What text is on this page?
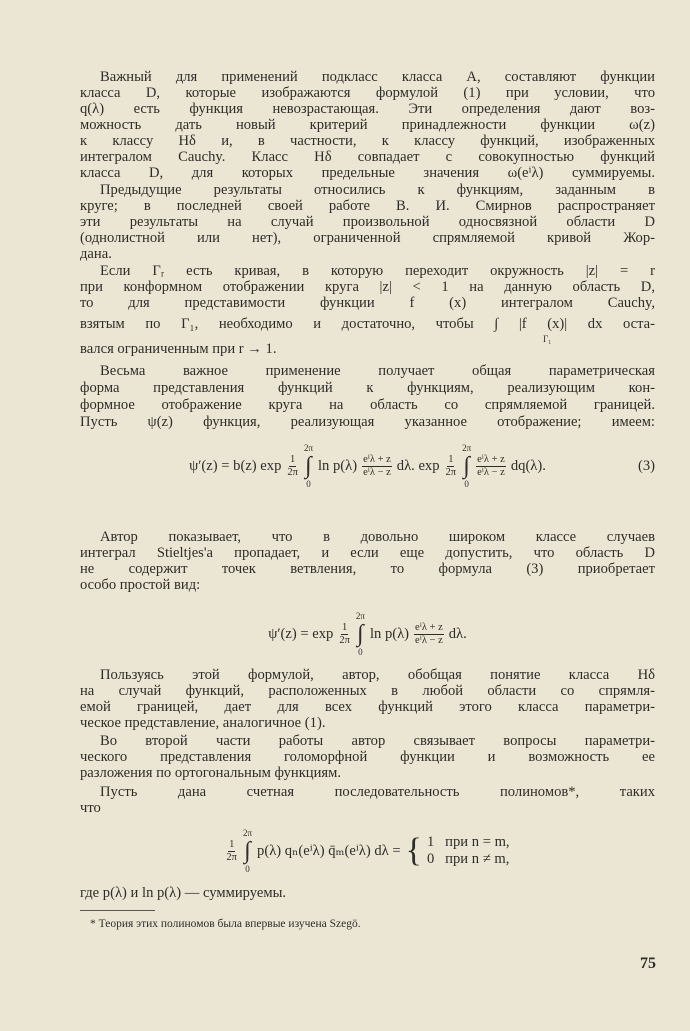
Важный для применений подкласс класса A, составляют функции
класса D, которые изображаются формулой (1) при условии, что
q(λ) есть функция невозрастающая. Эти определения дают воз-
можность дать новый критерий принадлежности функции ω(z)
к классу Hδ и, в частности, к классу функций, изображенных
интегралом Cauchy. Класс Hδ совпадает с совокупностью функций
класса D, для которых предельные значения ω(eⁱλ) суммируемы.
Предыдущие результаты относились к функциям, заданным в
круге; в последней своей работе В. И. Смирнов распространяет
эти результаты на случай произвольной односвязной области D
(однолистной или нет), ограниченной спрямляемой кривой Жор-
дана.
Если Γᵣ есть кривая, в которую переходит окружность |z| = r
при конформном отображении круга |z| < 1 на данную область D,
то для представимости функции f (x) интегралом Cauchy,
взятым по Γ₁, необходимо и достаточно, чтобы ∫ |f (x)| dx оста-
Γ₁
вался ограниченным при r → 1.
Весьма важное применение получает общая параметрическая
форма представления функций к функциям, реализующим кон-
формное отображение круга на область со спрямляемой границей.
Пусть ψ(z) функция, реализующая указанное отображение; имеем:
ψ′(z) = b(z) $\exp \frac{1}{2\pi}$
2π
∫
0
ln p(λ) eⁱλ + z
eⁱλ − z dλ. $\exp \frac{1}{2\pi}$
2π
∫
0
eⁱλ + z
eⁱλ − z dq(λ).	(3)
Автор показывает, что в довольно широком классе случаев
интеграл Stieltjes'а пропадает, и если еще допустить, что область D
не содержит точек ветвления, то формула (3) приобретает
особо простой вид:
$\psi'(z) = \exp \frac{1}{2\pi}$
2π
∫
0
ln p(λ) eⁱλ + z
eⁱλ − z dλ.
Пользуясь этой формулой, автор, обобщая понятие класса Hδ
на случай функций, расположенных в любой области со спрямля-
емой границей, дает для всех функций этого класса параметри-
ческое представление, аналогичное (1).
Во второй части работы автор связывает вопросы параметри-
ческого представления голоморфной функции и возможность ее
разложения по ортогональным функциям.
Пусть дана счетная последовательность полиномов*, таких
что
$\frac{1}{2\pi}$
2π
∫
0
p(λ) qₙ(eⁱλ) q̄ₘ(eⁱλ) dλ = { 1   при n = m,
0   при n ≠ m,
где p(λ) и ln p(λ) — суммируемы.
* Теория этих полиномов была впервые изучена Szegö.
75
